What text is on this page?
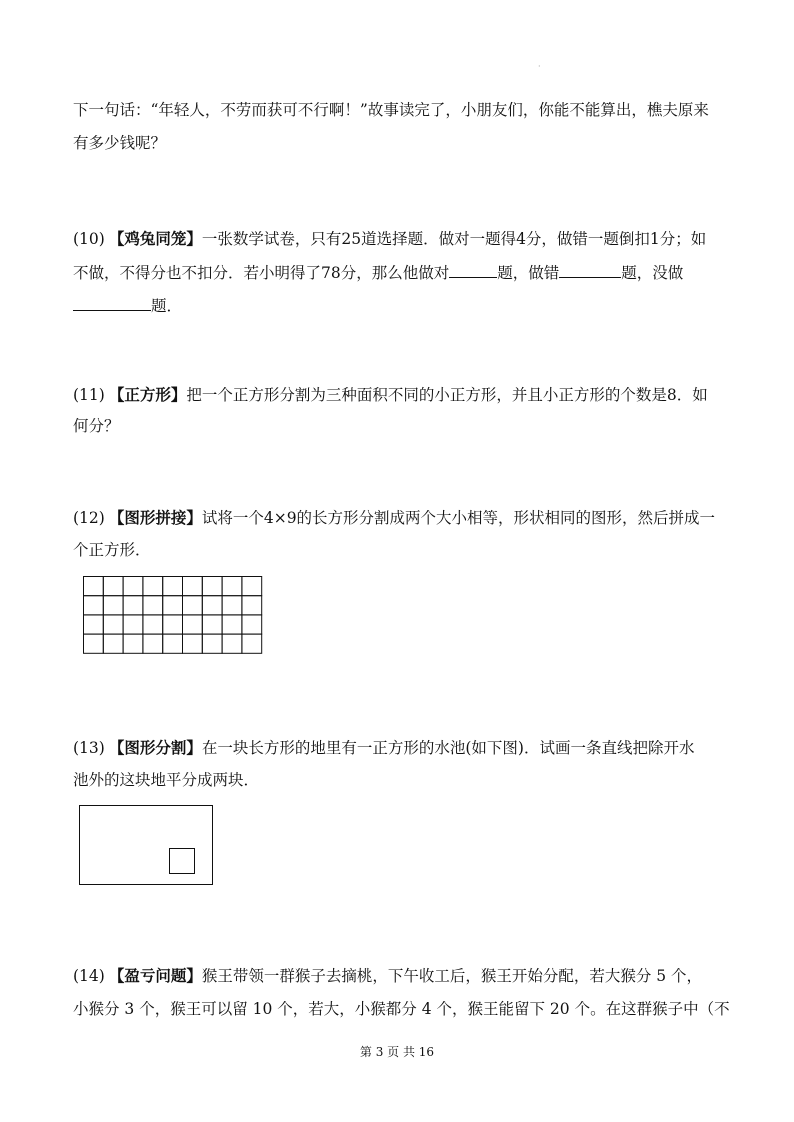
·
下一句话：“年轻人，不劳而获可不行啊！”故事读完了，小朋友们，你能不能算出，樵夫原来
有多少钱呢？
(10) 【鸡兔同笼】一张数学试卷，只有25道选择题．做对一题得4分，做错一题倒扣1分；如
不做，不得分也不扣分．若小明得了78分，那么他做对	题，做错	题，没做
题．
(11) 【正方形】把一个正方形分割为三种面积不同的小正方形，并且小正方形的个数是8．如
何分？
(12) 【图形拼接】试将一个4×9的长方形分割成两个大小相等，形状相同的图形，然后拼成一
个正方形．
(13) 【图形分割】在一块长方形的地里有一正方形的水池(如下图)．试画一条直线把除开水
池外的这块地平分成两块．
(14) 【盈亏问题】猴王带领一群猴子去摘桃，下午收工后，猴王开始分配，若大猴分 5 个，
小猴分 3 个，猴王可以留 10 个，若大，小猴都分 4 个，猴王能留下 20 个。在这群猴子中（不
第 3 页 共 16
